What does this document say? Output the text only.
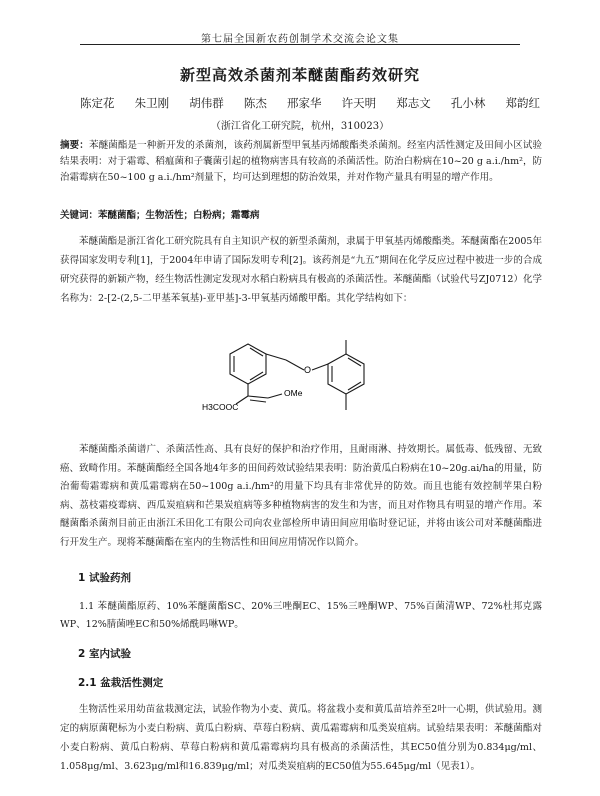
第七届全国新农药创制学术交流会论文集
新型高效杀菌剂苯醚菌酯药效研究
陈定花 朱卫刚 胡伟群 陈杰 邢家华 许天明 郑志文 孔小林 郑韵红
（浙江省化工研究院，杭州，310023）
摘要：苯醚菌酯是一种新开发的杀菌剂，该药剂属新型甲氧基丙烯酸酯类杀菌剂。经室内活性测定及田间小区试验结果表明：对于霜霉、稻瘟菌和子囊菌引起的植物病害具有较高的杀菌活性。防治白粉病在10~20 g a.i./hm²，防治霜霉病在50~100 g a.i./hm²剂量下，均可达到理想的防治效果，并对作物产量具有明显的增产作用。
关键词：苯醚菌酯；生物活性；白粉病；霜霉病
苯醚菌酯是浙江省化工研究院具有自主知识产权的新型杀菌剂，隶属于甲氧基丙烯酸酯类。苯醚菌酯在2005年获得国家发明专利[1]，于2004年申请了国际发明专利[2]。该药剂是“九五”期间在化学反应过程中被进一步的合成研究获得的新颖产物，经生物活性测定发现对水稻白粉病具有极高的杀菌活性。苯醚菌酯（试验代号ZJ0712）化学名称为：2-[2-(2,5-二甲基苯氧基)-亚甲基]-3-甲氧基丙烯酸甲酯。其化学结构如下：
O
H3COOC
OMe
苯醚菌酯杀菌谱广、杀菌活性高、具有良好的保护和治疗作用，且耐雨淋、持效期长。属低毒、低残留、无致癌、致畸作用。苯醚菌酯经全国各地4年多的田间药效试验结果表明：防治黄瓜白粉病在10~20g.ai/ha的用量，防治葡萄霜霉病和黄瓜霜霉病在50~100g a.i./hm²的用量下均具有非常优异的防效。而且也能有效控制苹果白粉病、荔枝霜疫霉病、西瓜炭疽病和芒果炭疽病等多种植物病害的发生和为害，而且对作物具有明显的增产作用。苯醚菌酯杀菌剂目前正由浙江禾田化工有限公司向农业部检所申请田间应用临时登记证，并将由该公司对苯醚菌酯进行开发生产。现将苯醚菌酯在室内的生物活性和田间应用情况作以简介。
1 试验药剂
1.1 苯醚菌酯原药、10%苯醚菌酯SC、20%三唑酮EC、15%三唑酮WP、75%百菌清WP、72%杜邦克露WP、12%腈菌唑EC和50%烯酰吗啉WP。
2 室内试验
2.1 盆栽活性测定
生物活性采用幼苗盆栽测定法，试验作物为小麦、黄瓜。将盆栽小麦和黄瓜苗培养至2叶一心期，供试验用。测定的病原菌靶标为小麦白粉病、黄瓜白粉病、草莓白粉病、黄瓜霜霉病和瓜类炭疽病。试验结果表明：苯醚菌酯对小麦白粉病、黄瓜白粉病、草莓白粉病和黄瓜霜霉病均具有极高的杀菌活性，其EC50值分别为0.834μg/ml、1.058μg/ml、3.623μg/ml和16.839μg/ml；对瓜类炭疽病的EC50值为55.645μg/ml（见表1）。
